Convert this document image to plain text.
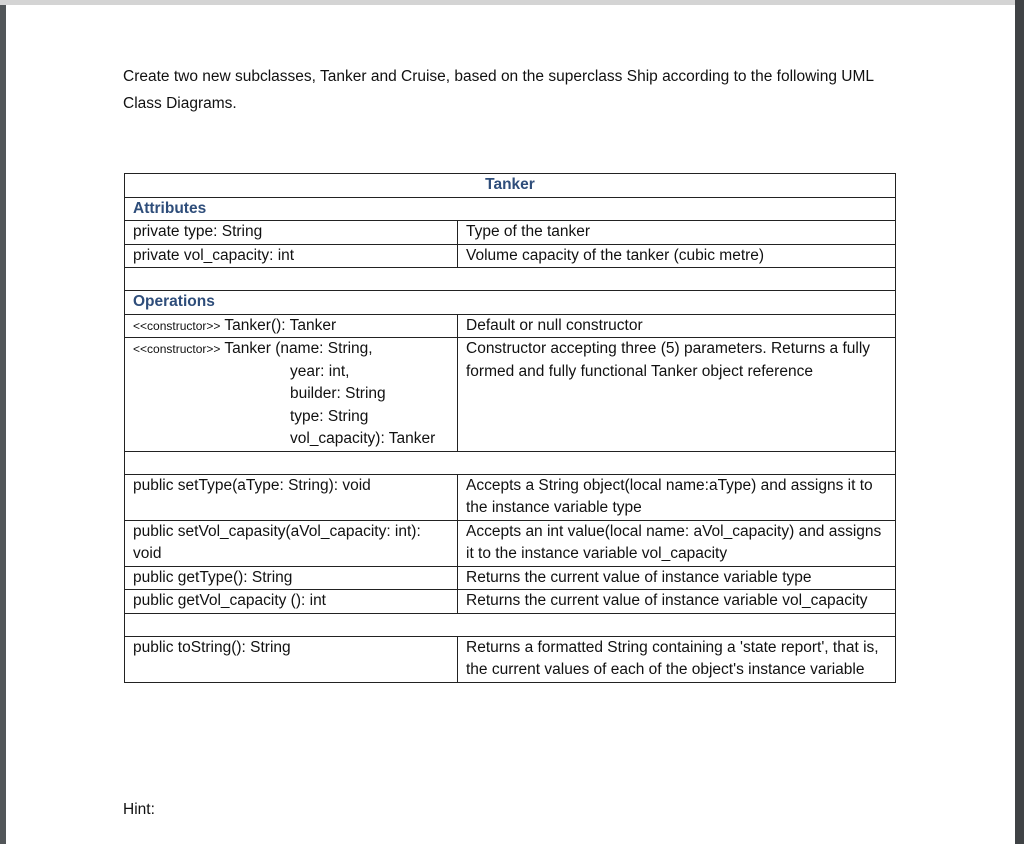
Create two new subclasses, Tanker and Cruise, based on the superclass Ship according to the following UML Class Diagrams.
Tanker	
Attributes	
private type: String	Type of the tanker
private vol_capacity: int	Volume capacity of the tanker (cubic metre)

Operations	
<<constructor>> Tanker(): Tanker	Default or null constructor

<<constructor>> Tanker (name: String,
year: int,
builder: String
type: String
vol_capacity): Tanker	Constructor accepting three (5) parameters. Returns a fully formed and fully functional Tanker object reference

public setType(aType: String): void	Accepts a String object(local name:aType) and assigns it to the instance variable type
public setVol_capasity(aVol_capacity: int): void	Accepts an int value(local name: aVol_capacity) and assigns it to the instance variable vol_capacity
public getType(): String	Returns the current value of instance variable type
public getVol_capacity (): int	Returns the current value of instance variable vol_capacity

public toString(): String	Returns a formatted String containing a 'state report', that is, the current values of each of the object's instance variable
Hint:
